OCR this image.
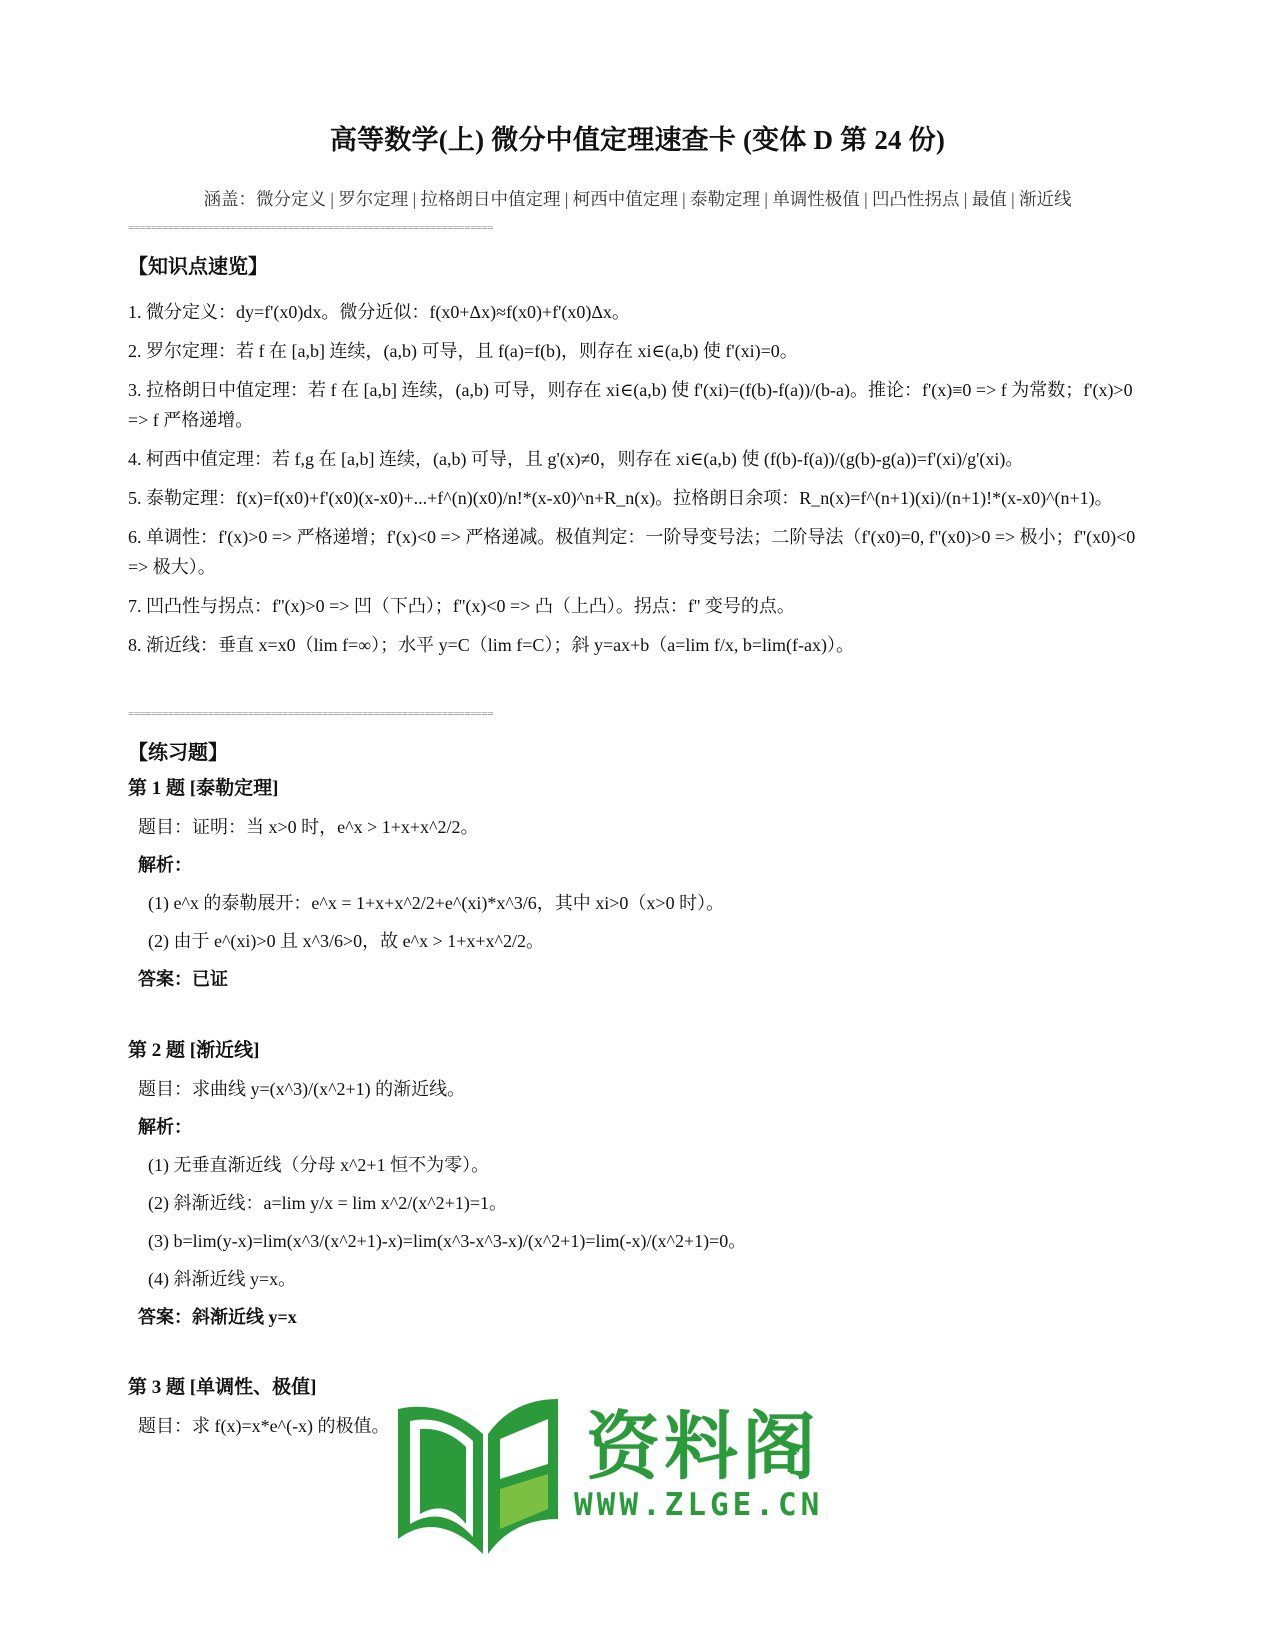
高等数学(上) 微分中值定理速查卡 (变体 D 第 24 份)
涵盖：微分定义 | 罗尔定理 | 拉格朗日中值定理 | 柯西中值定理 | 泰勒定理 | 单调性极值 | 凹凸性拐点 | 最值 | 渐近线
================================================================
【知识点速览】
1. 微分定义：dy=f'(x0)dx。微分近似：f(x0+Δx)≈f(x0)+f'(x0)Δx。
2. 罗尔定理：若 f 在 [a,b] 连续，(a,b) 可导，且 f(a)=f(b)，则存在 xi∈(a,b) 使 f'(xi)=0。
3. 拉格朗日中值定理：若 f 在 [a,b] 连续，(a,b) 可导，则存在 xi∈(a,b) 使 f'(xi)=(f(b)-f(a))/(b-a)。推论：f'(x)≡0 => f 为常数；f'(x)>0 => f 严格递增。
4. 柯西中值定理：若 f,g 在 [a,b] 连续，(a,b) 可导，且 g'(x)≠0，则存在 xi∈(a,b) 使 (f(b)-f(a))/(g(b)-g(a))=f'(xi)/g'(xi)。
5. 泰勒定理：f(x)=f(x0)+f'(x0)(x-x0)+...+f^(n)(x0)/n!*(x-x0)^n+R_n(x)。拉格朗日余项：R_n(x)=f^(n+1)(xi)/(n+1)!*(x-x0)^(n+1)。
6. 单调性：f'(x)>0 => 严格递增；f'(x)<0 => 严格递减。极值判定：一阶导变号法；二阶导法（f'(x0)=0, f''(x0)>0 => 极小；f''(x0)<0 => 极大）。
7. 凹凸性与拐点：f''(x)>0 => 凹（下凸）；f''(x)<0 => 凸（上凸）。拐点：f'' 变号的点。
8. 渐近线：垂直 x=x0（lim f=∞）；水平 y=C（lim f=C）；斜 y=ax+b（a=lim f/x, b=lim(f-ax)）。
================================================================
【练习题】
第 1 题 [泰勒定理]
题目：证明：当 x>0 时，e^x > 1+x+x^2/2。
解析：
(1) e^x 的泰勒展开：e^x = 1+x+x^2/2+e^(xi)*x^3/6，其中 xi>0（x>0 时）。
(2) 由于 e^(xi)>0 且 x^3/6>0，故 e^x > 1+x+x^2/2。
答案：已证
第 2 题 [渐近线]
题目：求曲线 y=(x^3)/(x^2+1) 的渐近线。
解析：
(1) 无垂直渐近线（分母 x^2+1 恒不为零）。
(2) 斜渐近线：a=lim y/x = lim x^2/(x^2+1)=1。
(3) b=lim(y-x)=lim(x^3/(x^2+1)-x)=lim(x^3-x^3-x)/(x^2+1)=lim(-x)/(x^2+1)=0。
(4) 斜渐近线 y=x。
答案：斜渐近线 y=x
第 3 题 [单调性、极值]
题目：求 f(x)=x*e^(-x) 的极值。	资料阁
WWW.ZLGE.CN
